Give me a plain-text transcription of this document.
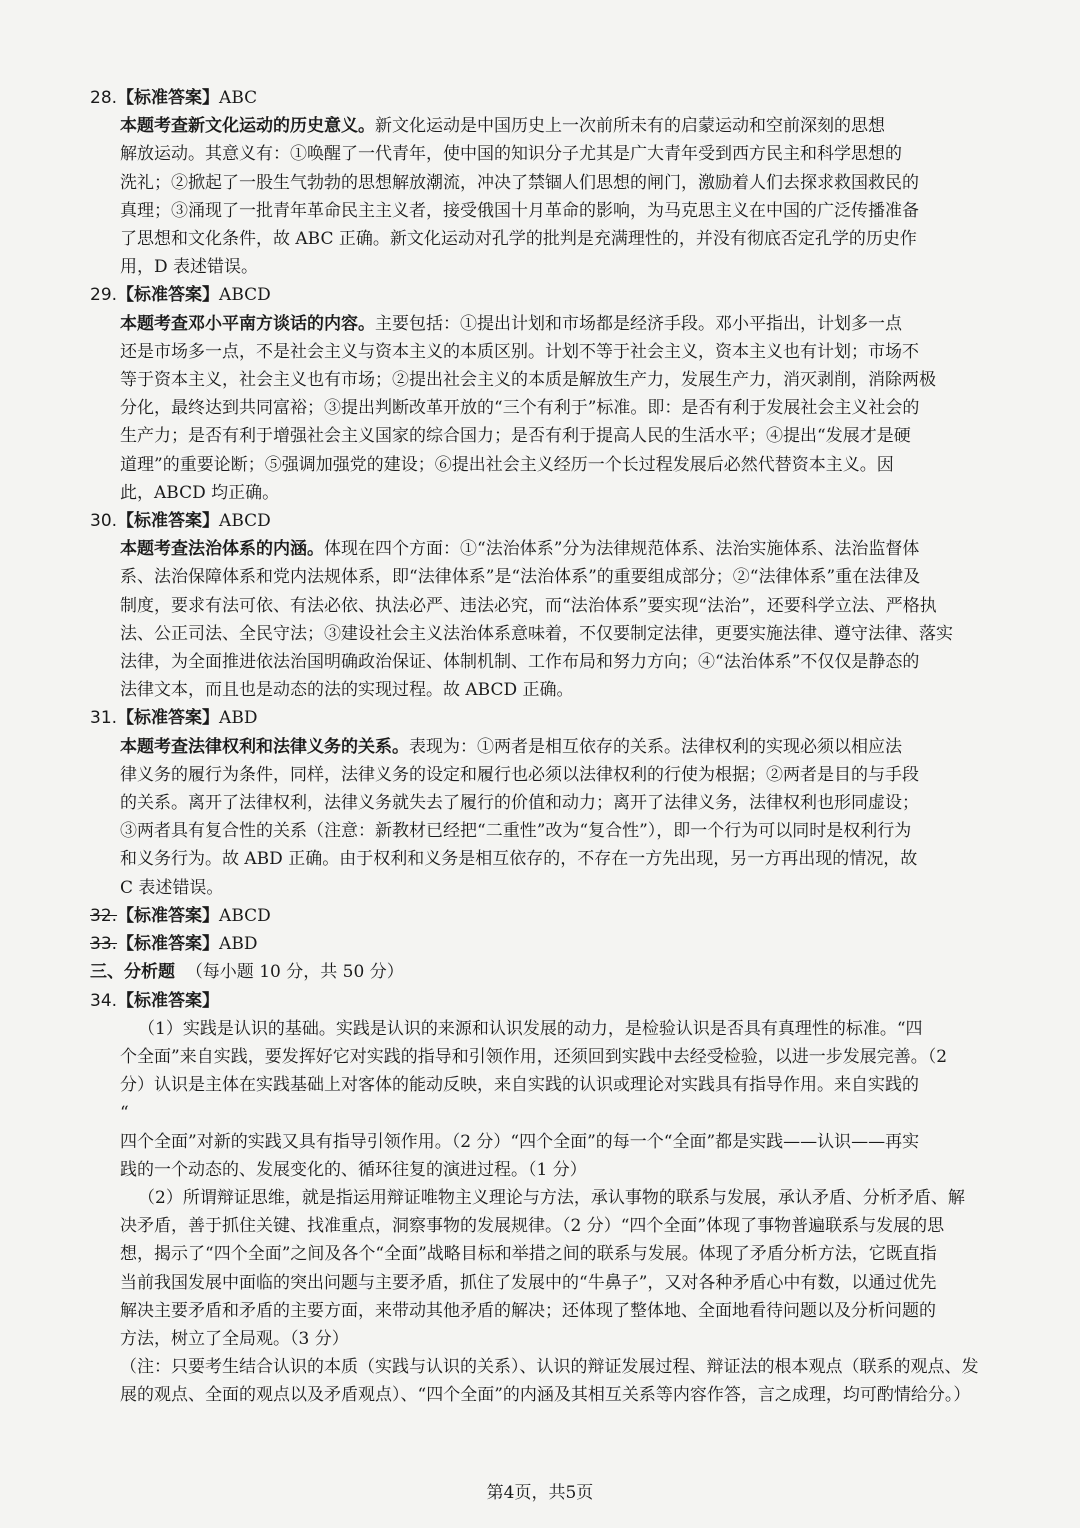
28.【标准答案】ABC
本题考查新文化运动的历史意义。新文化运动是中国历史上一次前所未有的启蒙运动和空前深刻的思想
解放运动。其意义有：①唤醒了一代青年，使中国的知识分子尤其是广大青年受到西方民主和科学思想的
洗礼；②掀起了一股生气勃勃的思想解放潮流，冲决了禁锢人们思想的闸门，激励着人们去探求救国救民的
真理；③涌现了一批青年革命民主主义者，接受俄国十月革命的影响，为马克思主义在中国的广泛传播准备
了思想和文化条件，故 ABC 正确。新文化运动对孔学的批判是充满理性的，并没有彻底否定孔学的历史作
用，D 表述错误。
29.【标准答案】ABCD
本题考查邓小平南方谈话的内容。主要包括：①提出计划和市场都是经济手段。邓小平指出，计划多一点
还是市场多一点，不是社会主义与资本主义的本质区别。计划不等于社会主义，资本主义也有计划；市场不
等于资本主义，社会主义也有市场；②提出社会主义的本质是解放生产力，发展生产力，消灭剥削，消除两极
分化，最终达到共同富裕；③提出判断改革开放的“三个有利于”标准。即：是否有利于发展社会主义社会的
生产力；是否有利于增强社会主义国家的综合国力；是否有利于提高人民的生活水平；④提出“发展才是硬
道理”的重要论断；⑤强调加强党的建设；⑥提出社会主义经历一个长过程发展后必然代替资本主义。因
此，ABCD 均正确。
30.【标准答案】ABCD
本题考查法治体系的内涵。体现在四个方面：①“法治体系”分为法律规范体系、法治实施体系、法治监督体
系、法治保障体系和党内法规体系，即“法律体系”是“法治体系”的重要组成部分；②“法律体系”重在法律及
制度，要求有法可依、有法必依、执法必严、违法必究，而“法治体系”要实现“法治”，还要科学立法、严格执
法、公正司法、全民守法；③建设社会主义法治体系意味着，不仅要制定法律，更要实施法律、遵守法律、落实
法律，为全面推进依法治国明确政治保证、体制机制、工作布局和努力方向；④“法治体系”不仅仅是静态的
法律文本，而且也是动态的法的实现过程。故 ABCD 正确。
31.【标准答案】ABD
本题考查法律权利和法律义务的关系。表现为：①两者是相互依存的关系。法律权利的实现必须以相应法
律义务的履行为条件，同样，法律义务的设定和履行也必须以法律权利的行使为根据；②两者是目的与手段
的关系。离开了法律权利，法律义务就失去了履行的价值和动力；离开了法律义务，法律权利也形同虚设；
③两者具有复合性的关系（注意：新教材已经把“二重性”改为“复合性”），即一个行为可以同时是权利行为
和义务行为。故 ABD 正确。由于权利和义务是相互依存的，不存在一方先出现，另一方再出现的情况，故
C 表述错误。
32.【标准答案】ABCD
33.【标准答案】ABD
三、分析题 （每小题 10 分，共 50 分）
34.【标准答案】
（1）实践是认识的基础。实践是认识的来源和认识发展的动力，是检验认识是否具有真理性的标准。“四
个全面”来自实践，要发挥好它对实践的指导和引领作用，还须回到实践中去经受检验，以进一步发展完善。（2
分）认识是主体在实践基础上对客体的能动反映，来自实践的认识或理论对实践具有指导作用。来自实践的
“
四个全面”对新的实践又具有指导引领作用。（2 分）“四个全面”的每一个“全面”都是实践——认识——再实
践的一个动态的、发展变化的、循环往复的演进过程。（1 分）
（2）所谓辩证思维，就是指运用辩证唯物主义理论与方法，承认事物的联系与发展，承认矛盾、分析矛盾、解
决矛盾，善于抓住关键、找准重点，洞察事物的发展规律。（2 分）“四个全面”体现了事物普遍联系与发展的思
想，揭示了“四个全面”之间及各个“全面”战略目标和举措之间的联系与发展。体现了矛盾分析方法，它既直指
当前我国发展中面临的突出问题与主要矛盾，抓住了发展中的“牛鼻子”，又对各种矛盾心中有数，以通过优先
解决主要矛盾和矛盾的主要方面，来带动其他矛盾的解决；还体现了整体地、全面地看待问题以及分析问题的
方法，树立了全局观。（3 分）
（注：只要考生结合认识的本质（实践与认识的关系）、认识的辩证发展过程、辩证法的根本观点（联系的观点、发
展的观点、全面的观点以及矛盾观点）、“四个全面”的内涵及其相互关系等内容作答，言之成理，均可酌情给分。）
第4页，共5页
